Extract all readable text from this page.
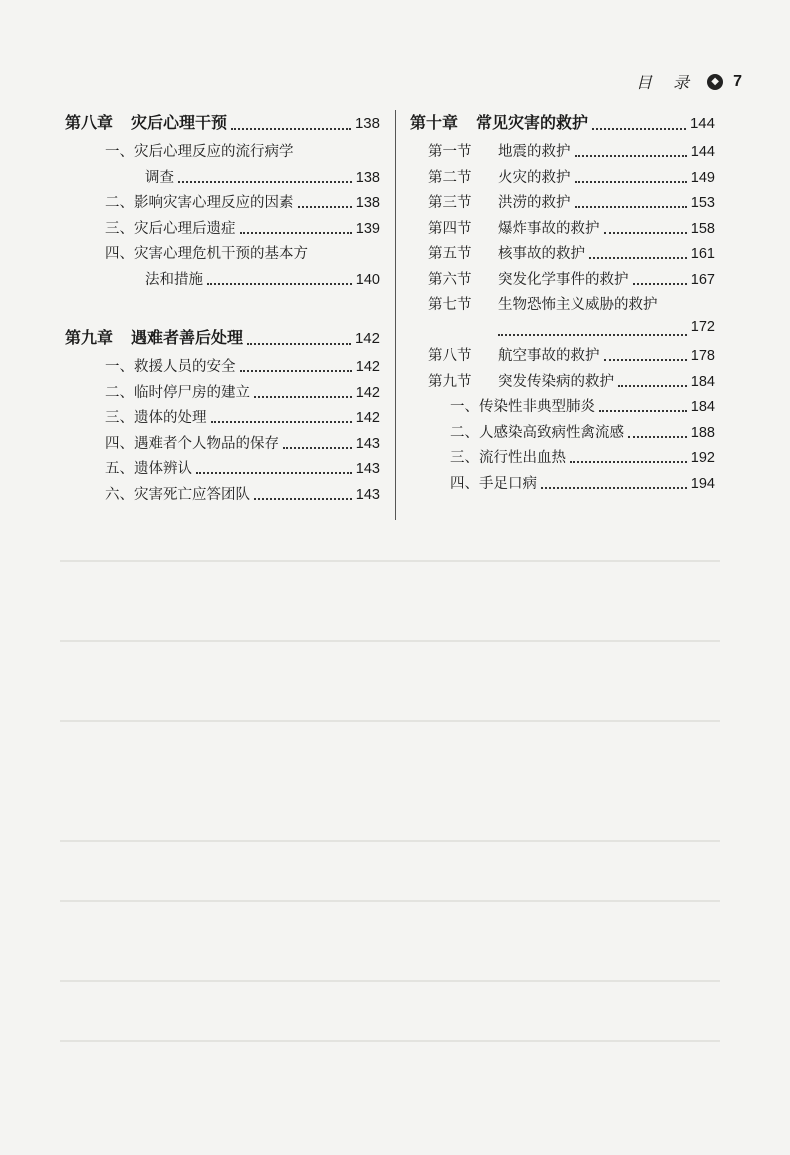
目 录	◆ 7
第八章 灾后心理干预	138
一、灾后心理反应的流行病学
调查	138
二、影响灾害心理反应的因素	138
三、灾后心理后遗症	139
四、灾害心理危机干预的基本方
法和措施	140
第九章 遇难者善后处理	142
一、救援人员的安全	142
二、临时停尸房的建立	142
三、遗体的处理	142
四、遇难者个人物品的保存	143
五、遗体辨认	143
六、灾害死亡应答团队	143
第十章 常见灾害的救护	144
第一节 地震的救护	144
第二节 火灾的救护	149
第三节 洪涝的救护	153
第四节 爆炸事故的救护	158
第五节 核事故的救护	161
第六节 突发化学事件的救护	167
第七节 生物恐怖主义威胁的救护
172
第八节 航空事故的救护	178
第九节 突发传染病的救护	184
一、传染性非典型肺炎	184
二、人感染高致病性禽流感	188
三、流行性出血热	192
四、手足口病	194
